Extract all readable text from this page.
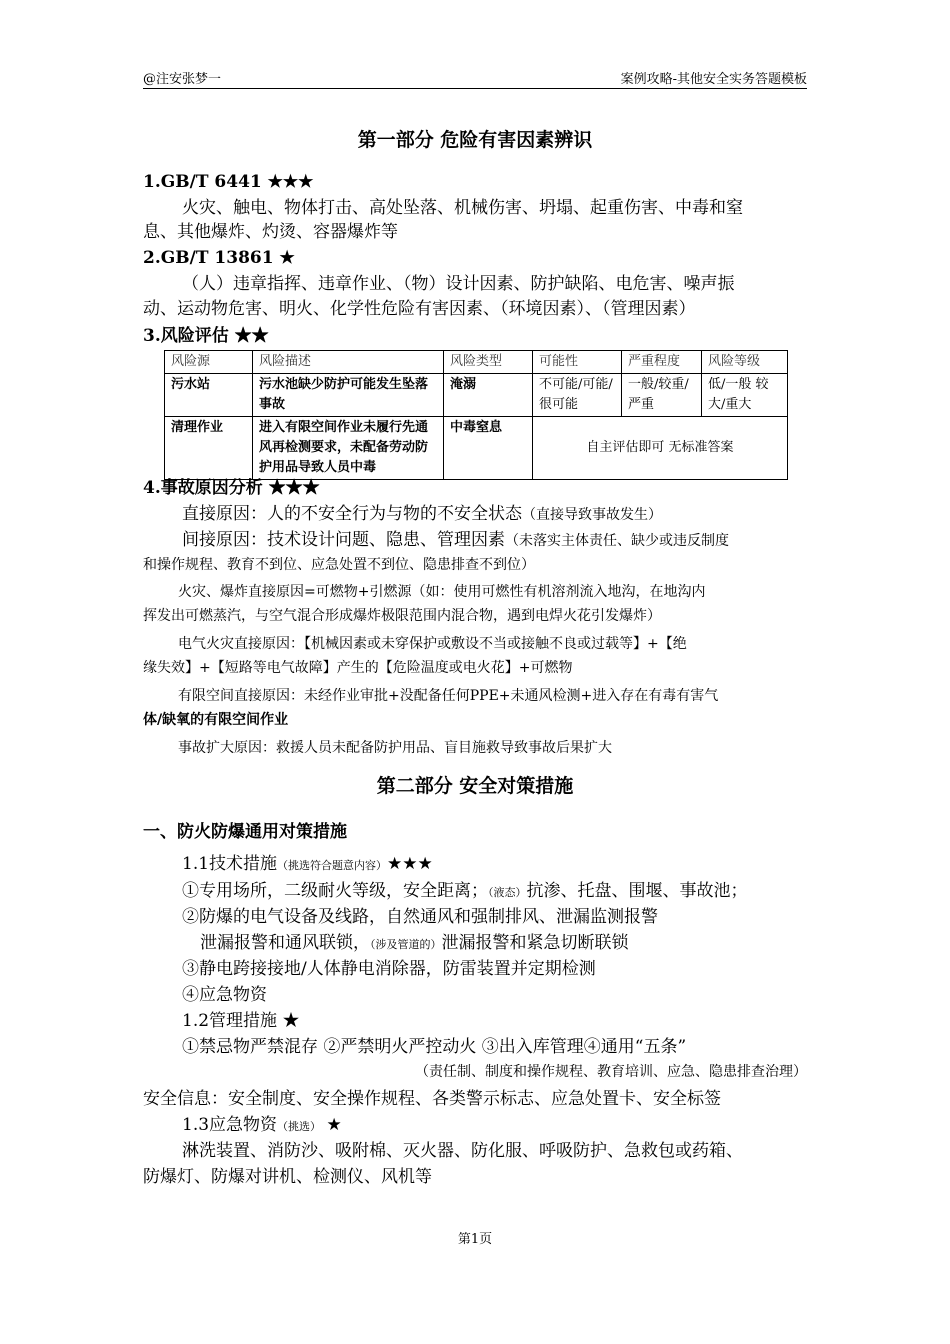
@注安张梦一	案例攻略-其他安全实务答题模板
第一部分 危险有害因素辨识
1.GB/T 6441 ★★★
火灾、触电、物体打击、高处坠落、机械伤害、坍塌、起重伤害、中毒和窒
息、其他爆炸、灼烫、容器爆炸等
2.GB/T 13861 ★
（人）违章指挥、违章作业、（物）设计因素、防护缺陷、电危害、噪声振
动、运动物危害、明火、化学性危险有害因素、（环境因素）、（管理因素）
3.风险评估 ★★
风险源	风险描述	风险类型	可能性	严重程度	风险等级
污水站	污水池缺少防护可能发生坠落事故	淹溺	不可能/可能/很可能	一般/较重/严重	低/一般 较大/重大
清理作业	进入有限空间作业未履行先通风再检测要求，未配备劳动防护用品导致人员中毒	中毒窒息	自主评估即可 无标准答案		
4.事故原因分析 ★★★
直接原因：人的不安全行为与物的不安全状态（直接导致事故发生）
间接原因：技术设计问题、隐患、管理因素（未落实主体责任、缺少或违反制度
和操作规程、教育不到位、应急处置不到位、隐患排查不到位）
火灾、爆炸直接原因=可燃物+引燃源（如：使用可燃性有机溶剂流入地沟，在地沟内
挥发出可燃蒸汽，与空气混合形成爆炸极限范围内混合物，遇到电焊火花引发爆炸）
电气火灾直接原因：【机械因素或未穿保护或敷设不当或接触不良或过载等】+【绝
缘失效】+【短路等电气故障】产生的【危险温度或电火花】+可燃物
有限空间直接原因：未经作业审批+没配备任何PPE+未通风检测+进入存在有毒有害气
体/缺氧的有限空间作业
事故扩大原因：救援人员未配备防护用品、盲目施救导致事故后果扩大
第二部分 安全对策措施
一、防火防爆通用对策措施
1.1技术措施（挑选符合题意内容）★★★
①专用场所，二级耐火等级，安全距离；（液态）抗渗、托盘、围堰、事故池；
②防爆的电气设备及线路，自然通风和强制排风、泄漏监测报警
泄漏报警和通风联锁，（涉及管道的）泄漏报警和紧急切断联锁
③静电跨接接地/人体静电消除器，防雷装置并定期检测
④应急物资
1.2管理措施 ★
①禁忌物严禁混存 ②严禁明火严控动火 ③出入库管理④通用“五条”
（责任制、制度和操作规程、教育培训、应急、隐患排查治理）
安全信息：安全制度、安全操作规程、各类警示标志、应急处置卡、安全标签
1.3应急物资（挑选） ★
淋洗装置、消防沙、吸附棉、灭火器、防化服、呼吸防护、急救包或药箱、
防爆灯、防爆对讲机、检测仪、风机等
第1页
